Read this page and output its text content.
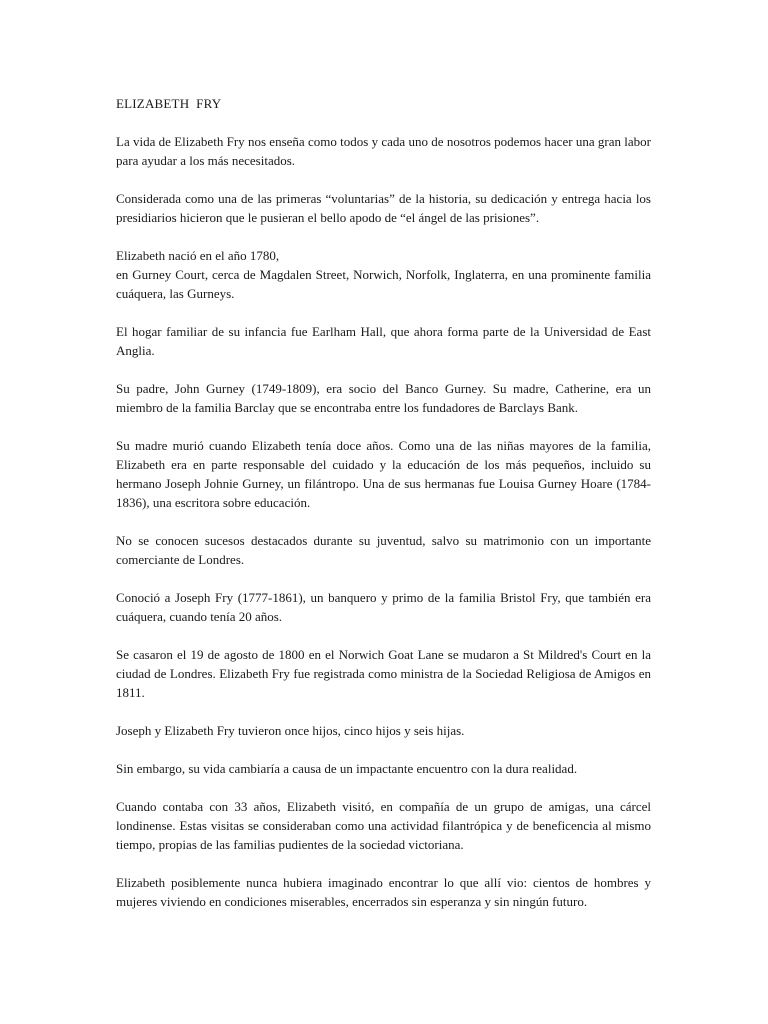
ELIZABETH  FRY

La vida de Elizabeth Fry nos enseña como todos y cada uno de nosotros podemos hacer una gran labor para ayudar a los más necesitados.

Considerada como una de las primeras “voluntarias” de la historia, su dedicación y entrega hacia los presidiarios hicieron que le pusieran el bello apodo de “el ángel de las prisiones”.

Elizabeth nació en el año 1780,
en Gurney Court, cerca de Magdalen Street, Norwich, Norfolk, Inglaterra, en una prominente familia cuáquera, las Gurneys.

El hogar familiar de su infancia fue Earlham Hall, que ahora forma parte de la Universidad de East Anglia.

Su padre, John Gurney (1749-1809), era socio del Banco Gurney. Su madre, Catherine, era un miembro de la familia Barclay que se encontraba entre los fundadores de Barclays Bank.

Su madre murió cuando Elizabeth tenía doce años. Como una de las niñas mayores de la familia, Elizabeth era en parte responsable del cuidado y la educación de los más pequeños, incluido su hermano Joseph Johnie Gurney, un filántropo. Una de sus hermanas fue Louisa Gurney Hoare (1784-1836), una escritora sobre educación.

No se conocen sucesos destacados durante su juventud, salvo su matrimonio con un importante comerciante de Londres.

Conoció a Joseph Fry (1777-1861), un banquero y primo de la familia Bristol Fry, que también era cuáquera, cuando tenía 20 años.

Se casaron el 19 de agosto de 1800 en el Norwich Goat Lane se mudaron a St Mildred's Court en la ciudad de Londres. Elizabeth Fry fue registrada como ministra de la Sociedad Religiosa de Amigos en 1811.

Joseph y Elizabeth Fry tuvieron once hijos, cinco hijos y seis hijas.

Sin embargo, su vida cambiaría a causa de un impactante encuentro con la dura realidad.

Cuando contaba con 33 años, Elizabeth visitó, en compañía de un grupo de amigas, una cárcel londinense. Estas visitas se consideraban como una actividad filantrópica y de beneficencia al mismo tiempo, propias de las familias pudientes de la sociedad victoriana.

Elizabeth posiblemente nunca hubiera imaginado encontrar lo que allí vio: cientos de hombres y mujeres viviendo en condiciones miserables, encerrados sin esperanza y sin ningún futuro.
